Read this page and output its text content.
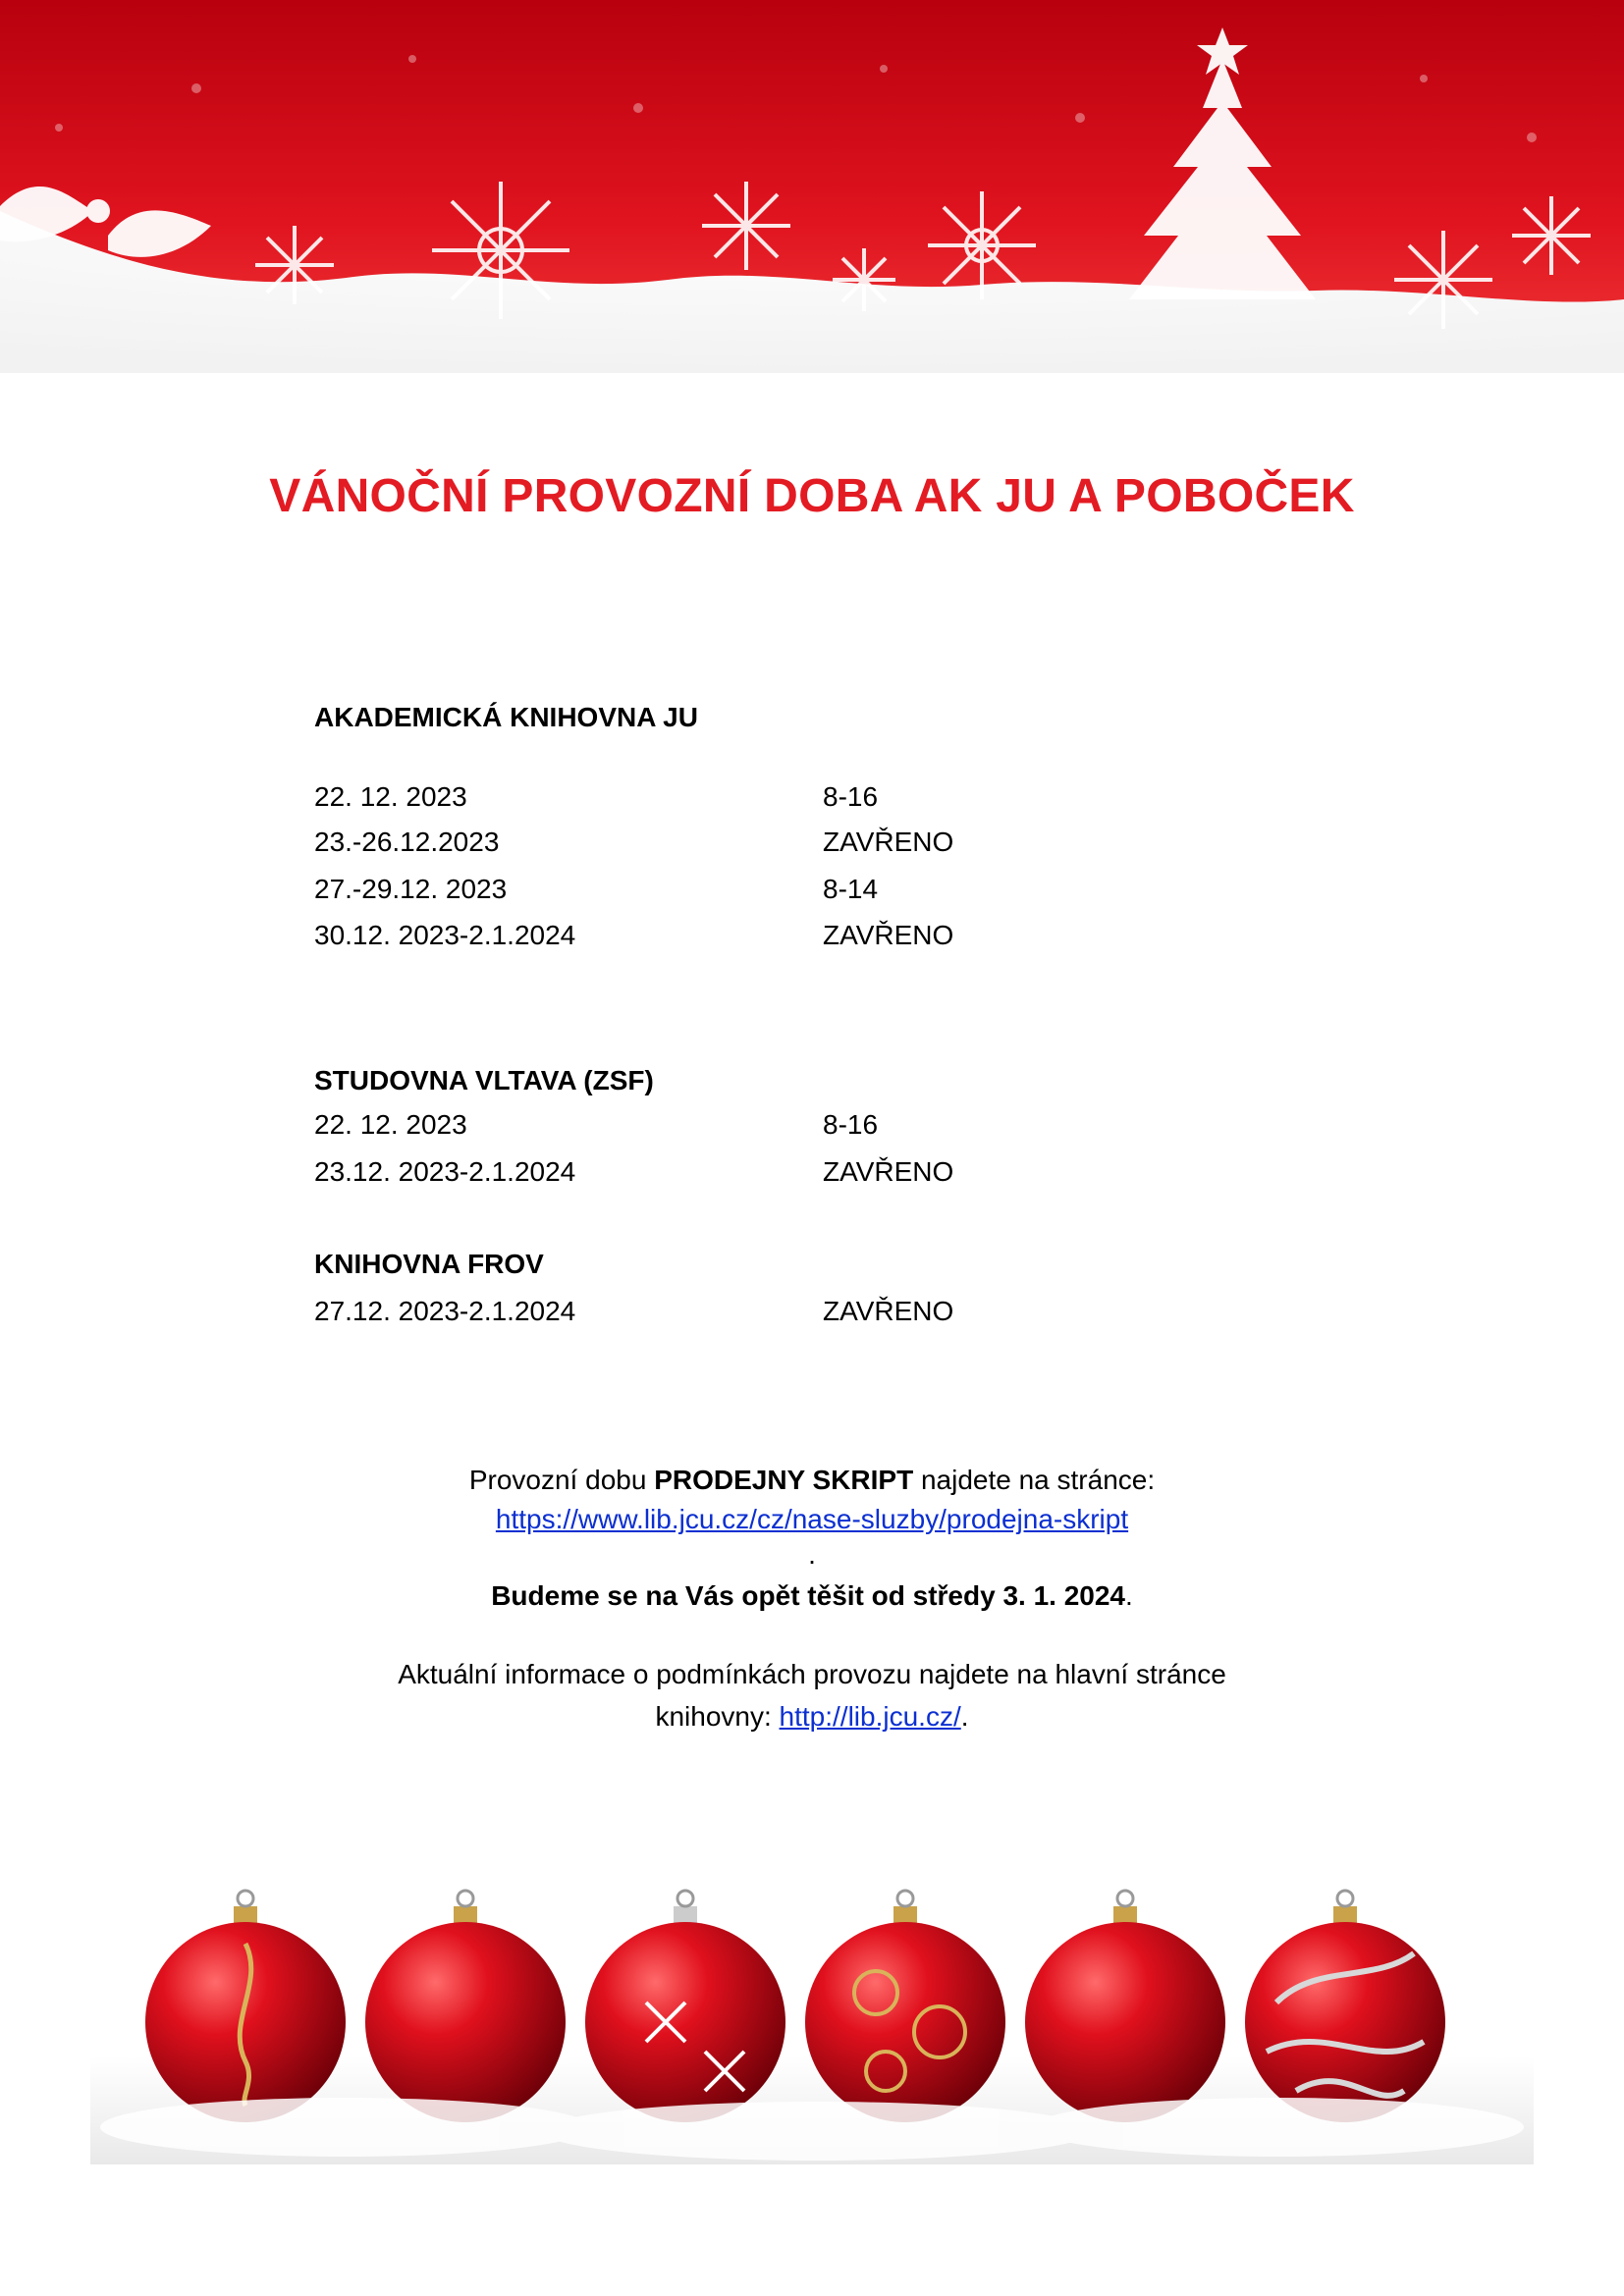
VÁNOČNÍ PROVOZNÍ DOBA AK JU A POBOČEK

AKADEMICKÁ KNIHOVNA JU

22. 12. 2023	8-16
23.-26.12.2023	ZAVŘENO
27.-29.12. 2023	8-14
30.12. 2023-2.1.2024	ZAVŘENO

STUDOVNA VLTAVA (ZSF)

22. 12. 2023	8-16
23.12. 2023-2.1.2024	ZAVŘENO

KNIHOVNA FROV

27.12. 2023-2.1.2024	ZAVŘENO
Provozní dobu PRODEJNY SKRIPT najdete na stránce:
https://www.lib.jcu.cz/cz/nase-sluzby/prodejna-skript
.
Budeme se na Vás opět těšit od středy 3. 1. 2024.
Aktuální informace o podmínkách provozu najdete na hlavní stránce
knihovny: http://lib.jcu.cz/.
